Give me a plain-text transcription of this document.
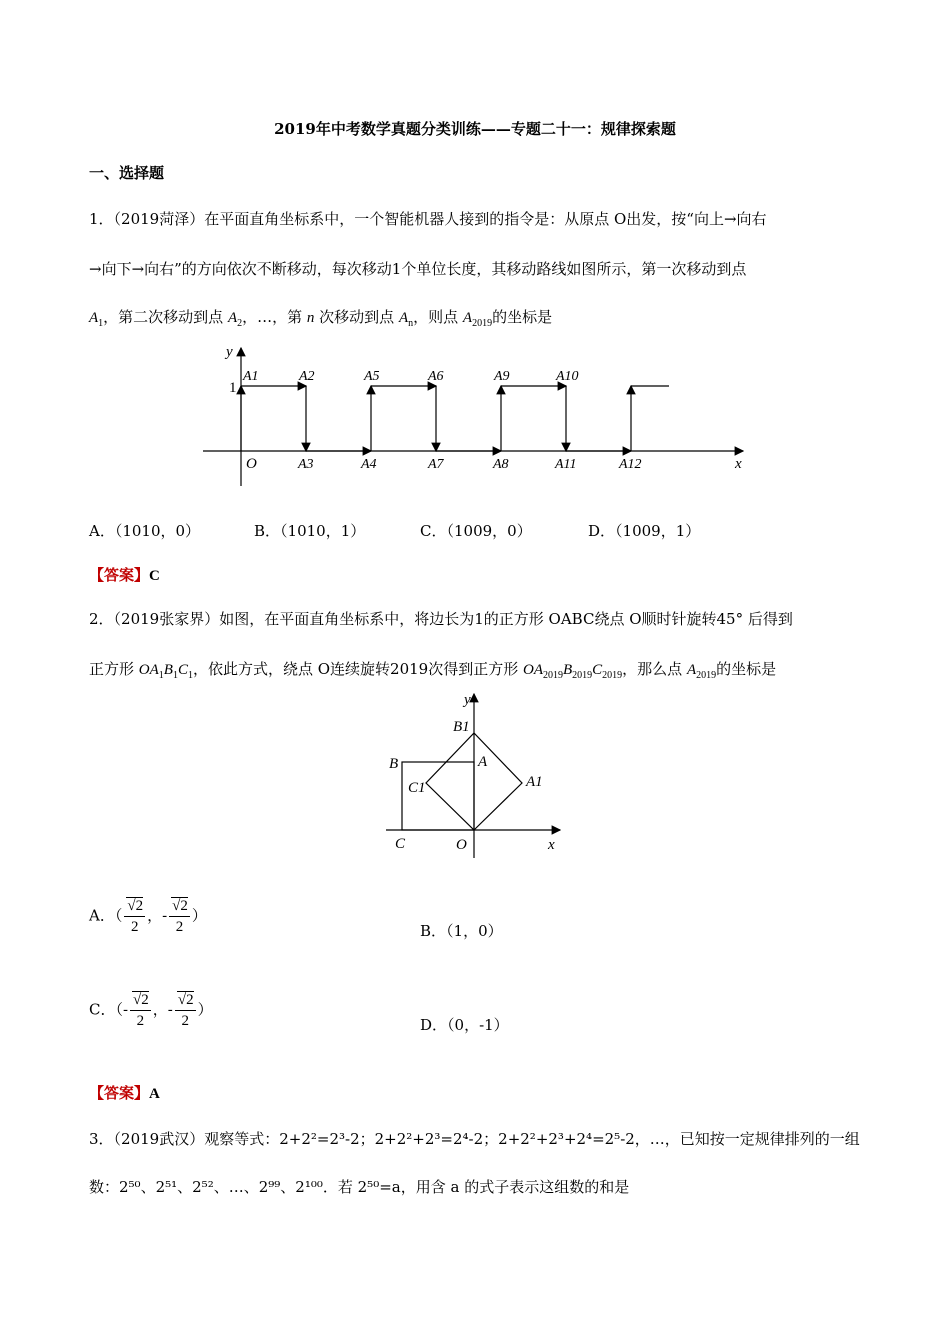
2019年中考数学真题分类训练——专题二十一：规律探索题
一、选择题
1．（2019菏泽）在平面直角坐标系中，一个智能机器人接到的指令是：从原点 O出发，按“向上→向右
→向下→向右”的方向依次不断移动，每次移动1个单位长度，其移动路线如图所示，第一次移动到点
$A_1$，第二次移动到点 $A_2$，…，第 n 次移动到点 $A_n$，则点 $A_{2019}$的坐标是
y
x
O
1
A1	A2
A3	A4
A5	A6
A7	A8
A9	A10
A11	A12
A．（1010，0）	B．（1010，1）	C．（1009，0）	D．（1009，1）
【答案】C
2．（2019张家界）如图，在平面直角坐标系中，将边长为1的正方形 OABC绕点 O顺时针旋转45° 后得到
正方形 $OA_1B_1C_1$，依此方式，绕点 O连续旋转2019次得到正方形 $OA_{2019}B_{2019}C_{2019}$，那么点 $A_{2019}$的坐标是
y
x
O
A
B
C
B1
A1
C1
A．（ $\frac{√2}{2}$ ，- $\frac{√2}{2}$ ）
B．（1，0）
C．（- $\frac{√2}{2}$ ，- $\frac{√2}{2}$ ）
D．（0，-1）
【答案】A
3．（2019武汉）观察等式：2+2²=2³-2；2+2²+2³=2⁴-2；2+2²+2³+2⁴=2⁵-2，…，已知按一定规律排列的一组
数：2⁵⁰、2⁵¹、2⁵²、…、2⁹⁹、2¹⁰⁰．若 2⁵⁰=a，用含 a 的式子表示这组数的和是
